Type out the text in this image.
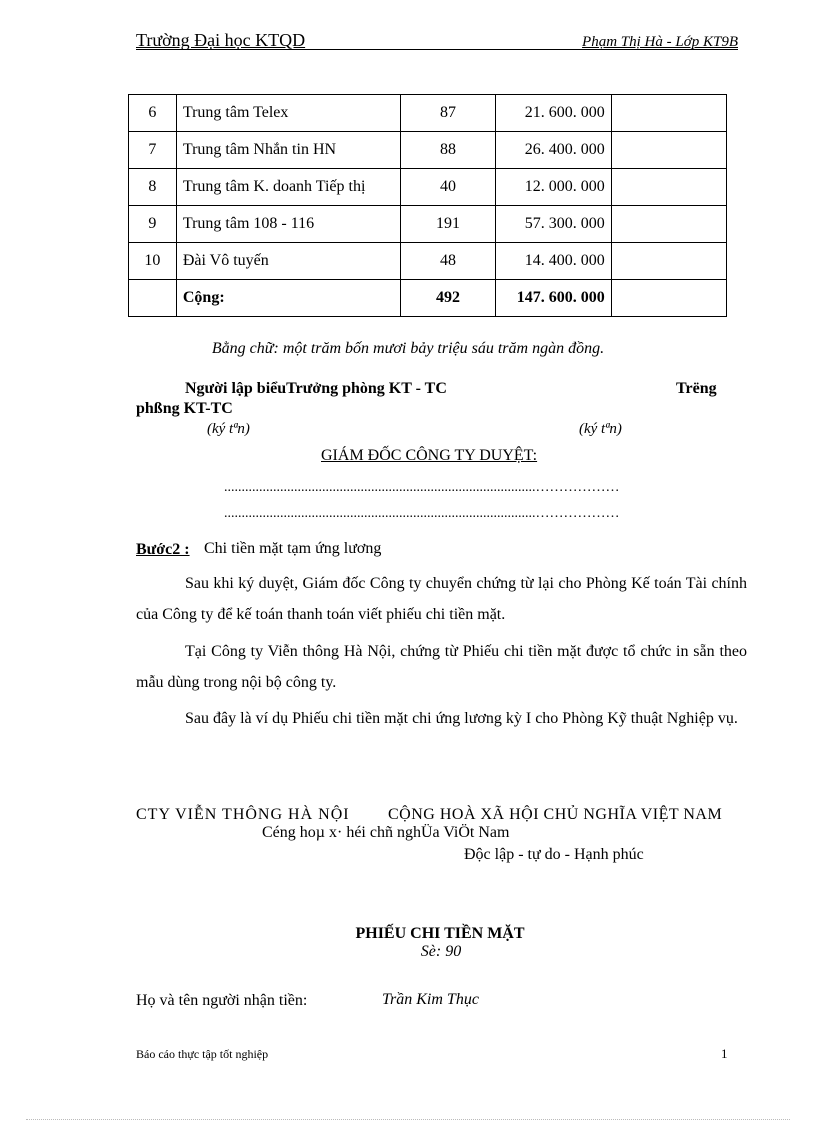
Trường Đại học KTQD	Phạm Thị Hà - Lớp KT9B
6	Trung tâm Telex	87	21. 600. 000	
7	Trung tâm Nhắn tin HN	88	26. 400. 000	
8	Trung tâm K. doanh Tiếp thị	40	12. 000. 000	
9	Trung tâm 108 - 116	191	57. 300. 000	
10	Đài Vô tuyến	48	14. 400. 000	
	Cộng:	492	147. 600. 000	
Bằng chữ: một trăm bốn mươi bảy triệu sáu trăm ngàn đồng.
Người lập biểuTrưởng phòng KT - TC	Trëng
phßng KT-TC
(ký tªn)	(ký tªn)
GIÁM ĐỐC CÔNG TY DUYỆT:
.........................................................................................………………
.........................................................................................………………
Bước2 : Chi tiền mặt tạm ứng lương
Sau khi ký duyệt, Giám đốc Công ty chuyển chứng từ lại cho Phòng Kế toán Tài chính của Công ty để kế toán thanh toán viết phiếu chi tiền mặt.
Tại Công ty Viễn thông Hà Nội, chứng từ Phiếu chi tiền mặt được tổ chức in sẵn theo mẫu dùng trong nội bộ công ty.
Sau đây là ví dụ Phiếu chi tiền mặt chi ứng lương kỳ I cho Phòng Kỹ thuật Nghiệp vụ.
CTY VIỄN THÔNG HÀ NỘI CỘNG HOÀ XÃ HỘI CHỦ NGHĨA VIỆT NAM
Céng hoµ x· héi chñ nghÜa ViÖt Nam
Độc lập - tự do - Hạnh phúc
PHIẾU CHI TIỀN MẶT
Sè: 90
Họ và tên người nhận tiền:	Trần Kim Thục
Báo cáo thực tập tốt nghiệp	1
